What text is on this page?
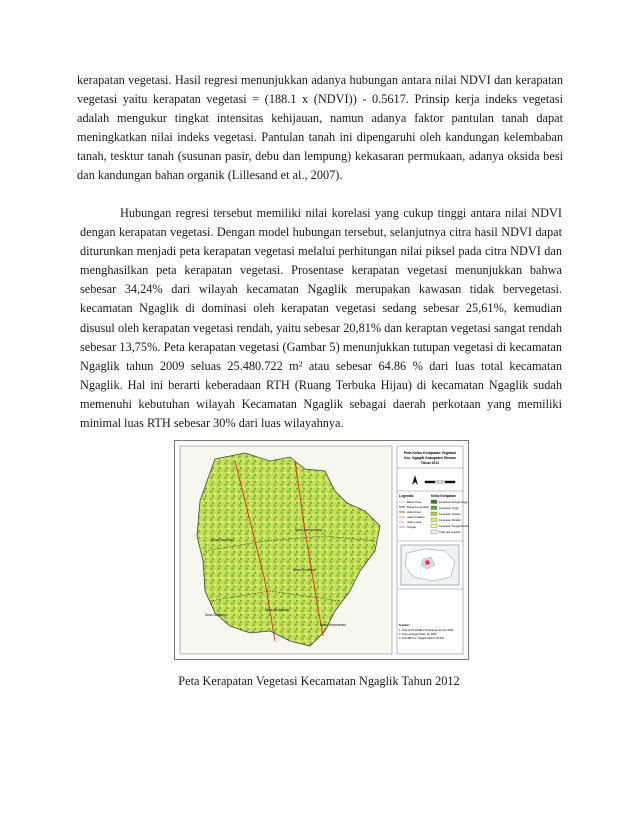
kerapatan vegetasi. Hasil regresi menunjukkan adanya hubungan antara nilai NDVI dan kerapatan vegetasi yaitu kerapatan vegetasi = (188.1 x (NDVI)) - 0.5617. Prinsip kerja indeks vegetasi adalah mengukur tingkat intensitas kehijauan, namun adanya faktor pantulan tanah dapat meningkatkan nilai indeks vegetasi. Pantulan tanah ini dipengaruhi oleh kandungan kelembaban tanah, tesktur tanah (susunan pasir, debu dan lempung) kekasaran permukaan, adanya oksida besi dan kandungan bahan organik (Lillesand et al., 2007).
Hubungan regresi tersebut memiliki nilai korelasi yang cukup tinggi antara nilai NDVI dengan kerapatan vegetasi. Dengan model hubungan tersebut, selanjutnya citra hasil NDVI dapat diturunkan menjadi peta kerapatan vegetasi melalui perhitungan nilai piksel pada citra NDVI dan menghasilkan peta kerapatan vegetasi. Prosentase kerapatan vegetasi menunjukkan bahwa sebesar 34,24% dari wilayah kecamatan Ngaglik merupakan kawasan tidak bervegetasi. kecamatan Ngaglik di dominasi oleh kerapatan vegetasi sedang sebesar 25,61%, kemudian disusul oleh kerapatan vegetasi rendah, yaitu sebesar 20,81% dan keraptan vegetasi sangat rendah sebesar 13,75%. Peta kerapatan vegetasi (Gambar 5) menunjukkan tutupan vegetasi di kecamatan Ngaglik tahun 2009 seluas 25.480.722 m² atau sebesar 64.86 % dari luas total kecamatan Ngaglik. Hal ini berarti keberadaan RTH (Ruang Terbuka Hijau) di kecamatan Ngaglik sudah memenuhi kebutuhan wilayah Kecamatan Ngaglik sebagai daerah perkotaan yang memiliki minimal luas RTH sebesar 30% dari luas wilayahnya.
Desa Sardonoharjo
Desa Donoharjo
Desa Sukoharjo
Desa Sariharjo
Desa Minomartani
Desa Sinduharjo
Peta Kelas Kerapatan Vegetasi
Kec. Ngaglik Kabupaten Sleman
Tahun 2012
Legenda:	Kelas Kerapatan
Batas Desa
Batas Kecamatan
Jalan Arteri
Jalan Kolektor
Jalan Lokal
Sungai
Kerapatan Sangat Tinggi
Kerapatan Tinggi
Kerapatan Sedang
Kerapatan Rendah
Kerapatan Sangat Rendah
Tidak ada vegetasi
Sumber:
1. Citra ALOS AVNIR-2 Perekaman 30 Juni 2009
2. Peta Lapangan Bulan Juli 2009
3. Peta RBI Kec. Ngaglik Skala 1:25.000
Peta Kerapatan Vegetasi Kecamatan Ngaglik Tahun 2012
